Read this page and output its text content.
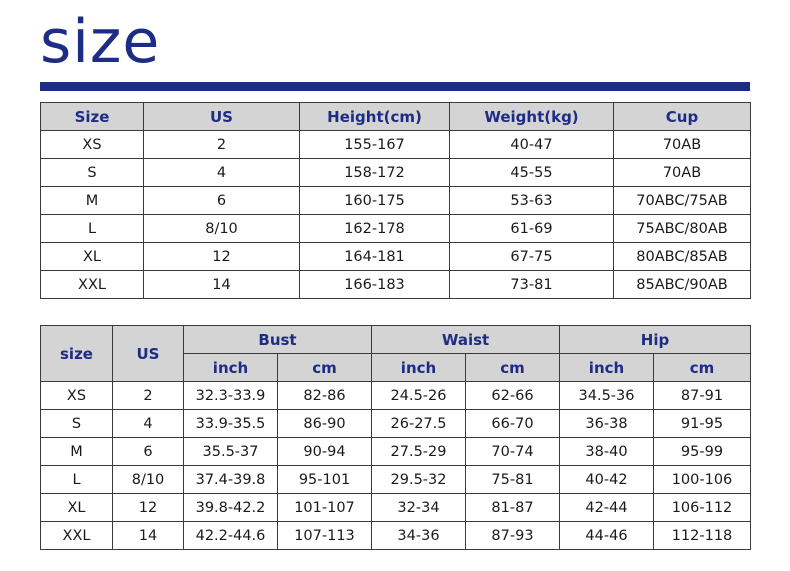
size
Size	US	Height(cm)	Weight(kg)	Cup
XS	2	155-167	40-47	70AB
S	4	158-172	45-55	70AB
M	6	160-175	53-63	70ABC/75AB
L	8/10	162-178	61-69	75ABC/80AB
XL	12	164-181	67-75	80ABC/85AB
XXL	14	166-183	73-81	85ABC/90AB
size	US	Bust		Waist		Hip	
		inch	cm	inch	cm	inch	cm
XS	2	32.3-33.9	82-86	24.5-26	62-66	34.5-36	87-91
S	4	33.9-35.5	86-90	26-27.5	66-70	36-38	91-95
M	6	35.5-37	90-94	27.5-29	70-74	38-40	95-99
L	8/10	37.4-39.8	95-101	29.5-32	75-81	40-42	100-106
XL	12	39.8-42.2	101-107	32-34	81-87	42-44	106-112
XXL	14	42.2-44.6	107-113	34-36	87-93	44-46	112-118
